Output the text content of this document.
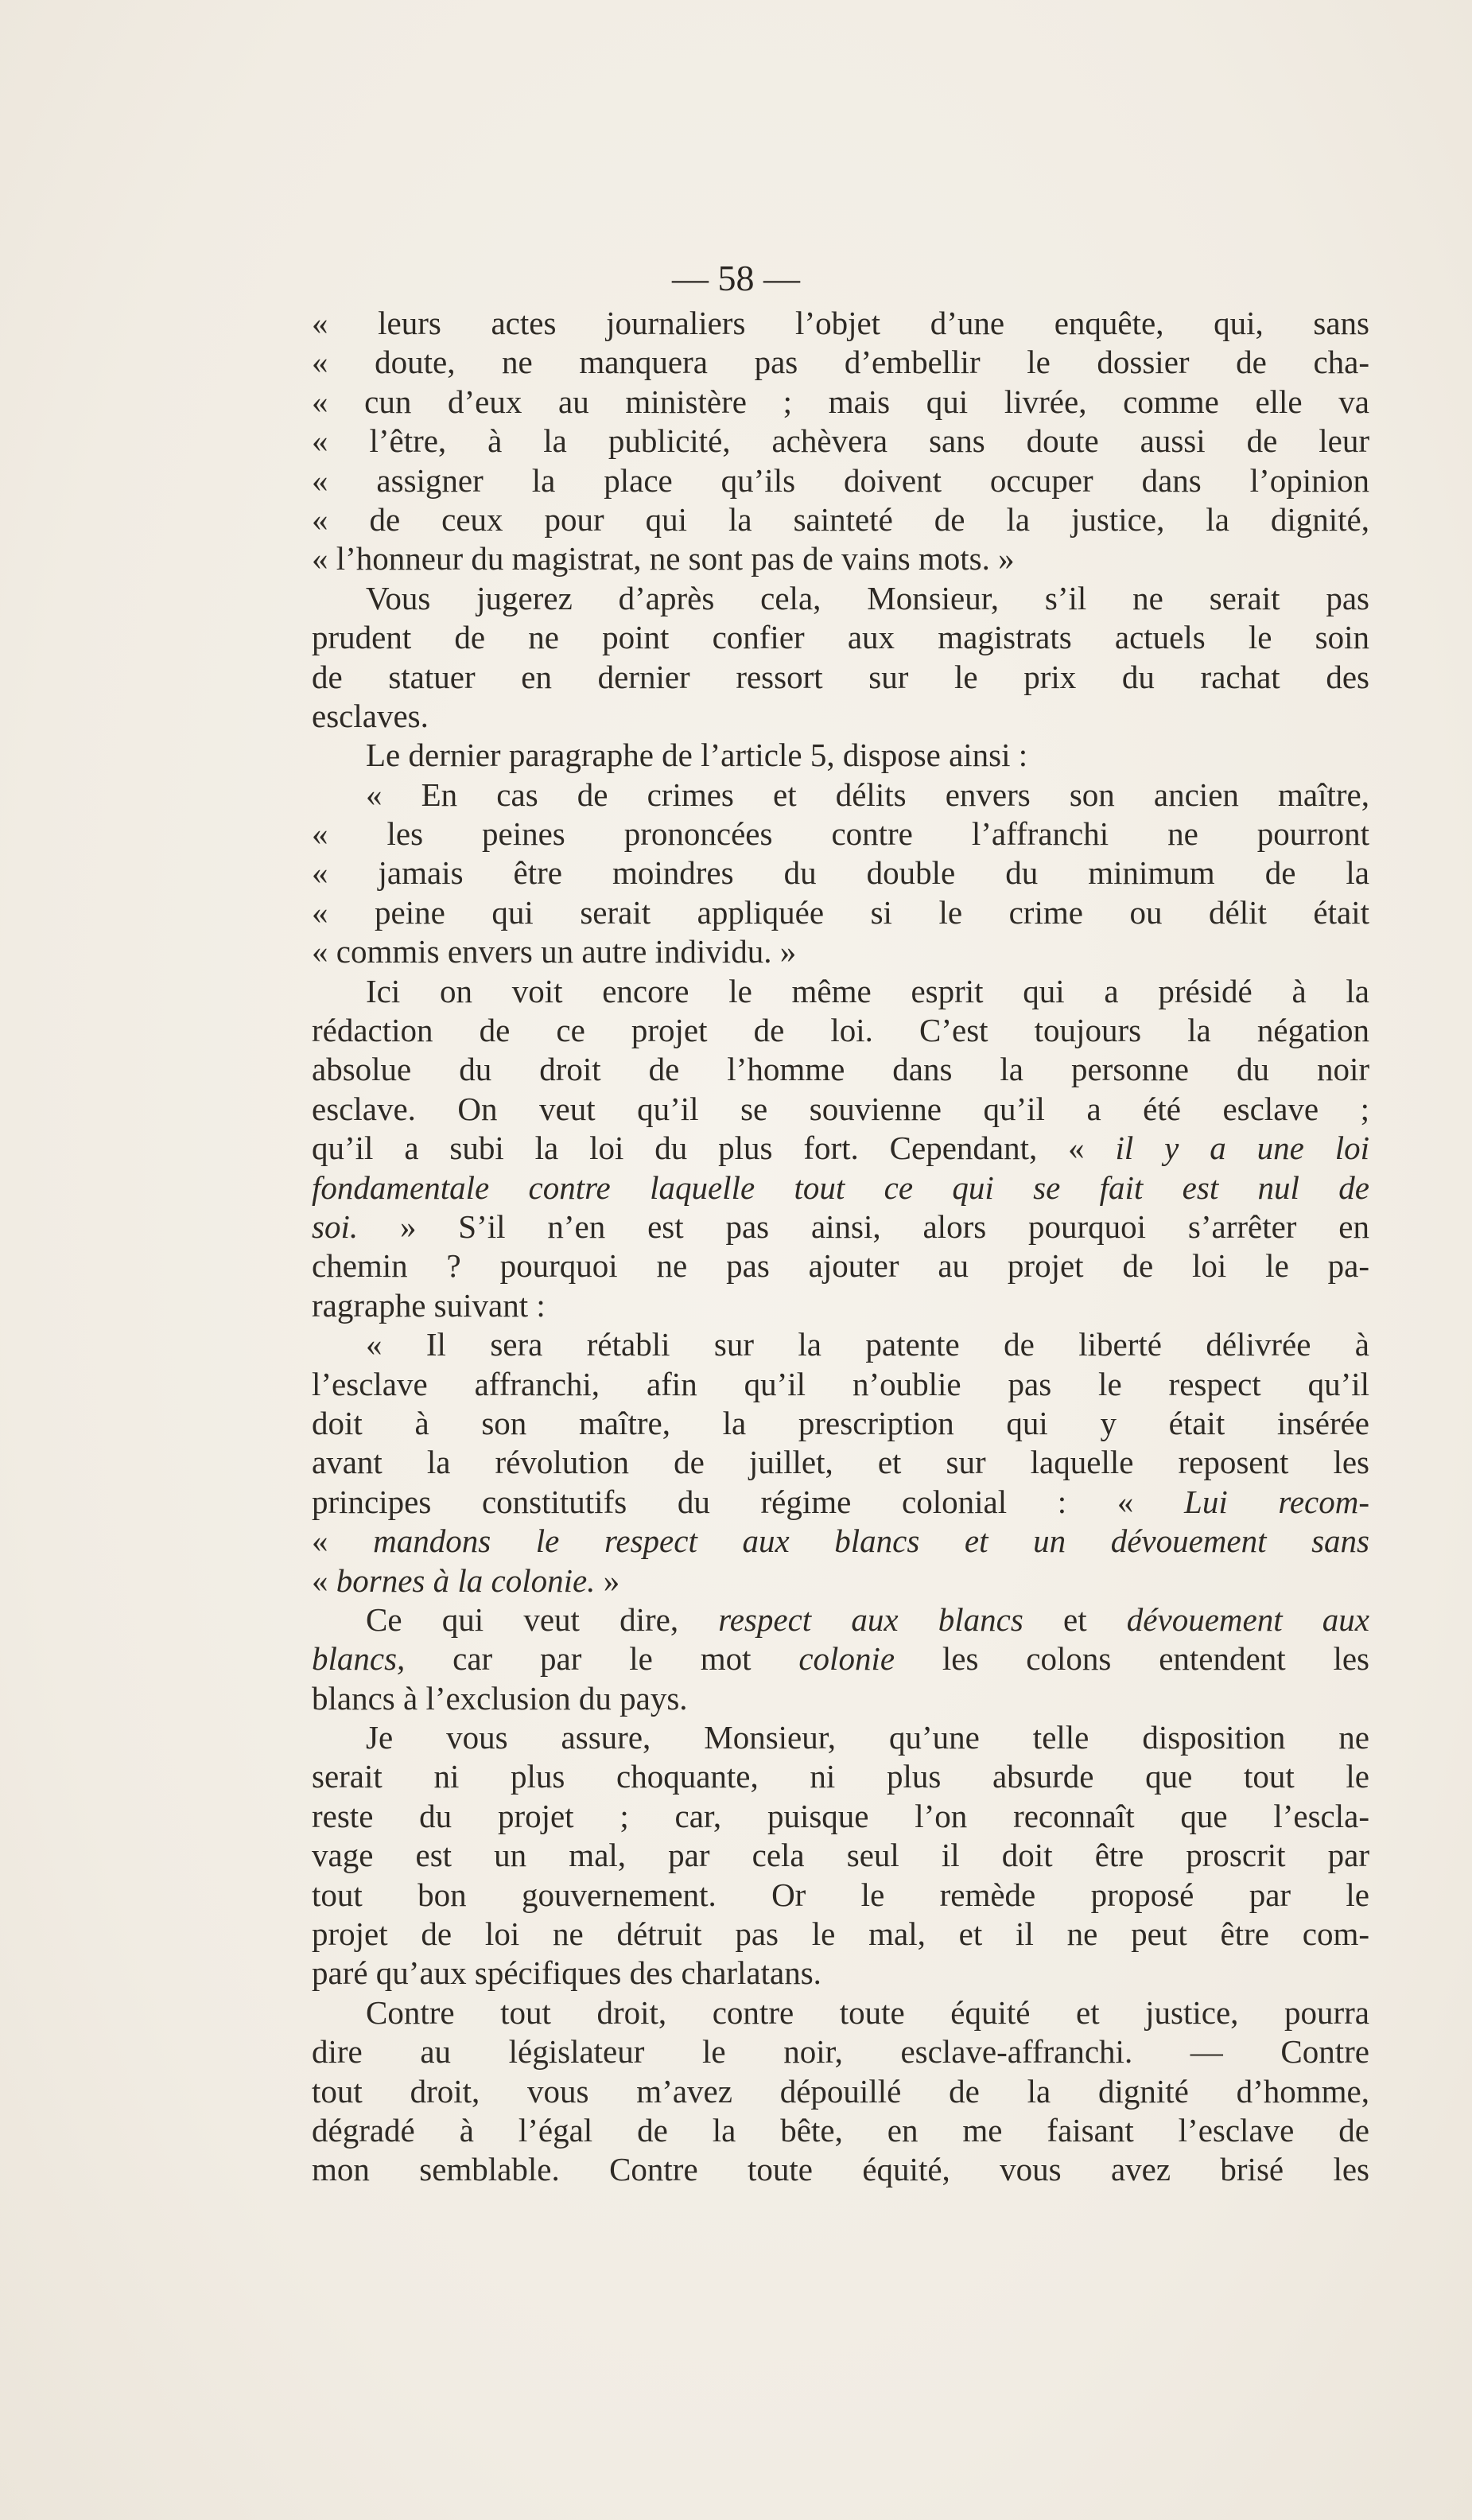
— 58 —
« leurs actes journaliers l’objet d’une enquête, qui, sans
« doute, ne manquera pas d’embellir le dossier de cha-
« cun d’eux au ministère ; mais qui livrée, comme elle va
« l’être, à la publicité, achèvera sans doute aussi de leur
« assigner la place qu’ils doivent occuper dans l’opinion
« de ceux pour qui la sainteté de la justice, la dignité,
« l’honneur du magistrat, ne sont pas de vains mots. »
Vous jugerez d’après cela, Monsieur, s’il ne serait pas
prudent de ne point confier aux magistrats actuels le soin
de statuer en dernier ressort sur le prix du rachat des
esclaves.
Le dernier paragraphe de l’article 5, dispose ainsi :
« En cas de crimes et délits envers son ancien maître,
« les peines prononcées contre l’affranchi ne pourront
« jamais être moindres du double du minimum de la
« peine qui serait appliquée si le crime ou délit était
« commis envers un autre individu. »
Ici on voit encore le même esprit qui a présidé à la
rédaction de ce projet de loi. C’est toujours la négation
absolue du droit de l’homme dans la personne du noir
esclave. On veut qu’il se souvienne qu’il a été esclave ;
qu’il a subi la loi du plus fort. Cependant, « il y a une loi
fondamentale contre laquelle tout ce qui se fait est nul de
soi. » S’il n’en est pas ainsi, alors pourquoi s’arrêter en
chemin ? pourquoi ne pas ajouter au projet de loi le pa-
ragraphe suivant :
« Il sera rétabli sur la patente de liberté délivrée à
l’esclave affranchi, afin qu’il n’oublie pas le respect qu’il
doit à son maître, la prescription qui y était insérée
avant la révolution de juillet, et sur laquelle reposent les
principes constitutifs du régime colonial : « Lui recom-
« mandons le respect aux blancs et un dévouement sans
« bornes à la colonie. »
Ce qui veut dire, respect aux blancs et dévouement aux
blancs, car par le mot colonie les colons entendent les
blancs à l’exclusion du pays.
Je vous assure, Monsieur, qu’une telle disposition ne
serait ni plus choquante, ni plus absurde que tout le
reste du projet ; car, puisque l’on reconnaît que l’escla-
vage est un mal, par cela seul il doit être proscrit par
tout bon gouvernement. Or le remède proposé par le
projet de loi ne détruit pas le mal, et il ne peut être com-
paré qu’aux spécifiques des charlatans.
Contre tout droit, contre toute équité et justice, pourra
dire au législateur le noir, esclave-affranchi. — Contre
tout droit, vous m’avez dépouillé de la dignité d’homme,
dégradé à l’égal de la bête, en me faisant l’esclave de
mon semblable. Contre toute équité, vous avez brisé les
